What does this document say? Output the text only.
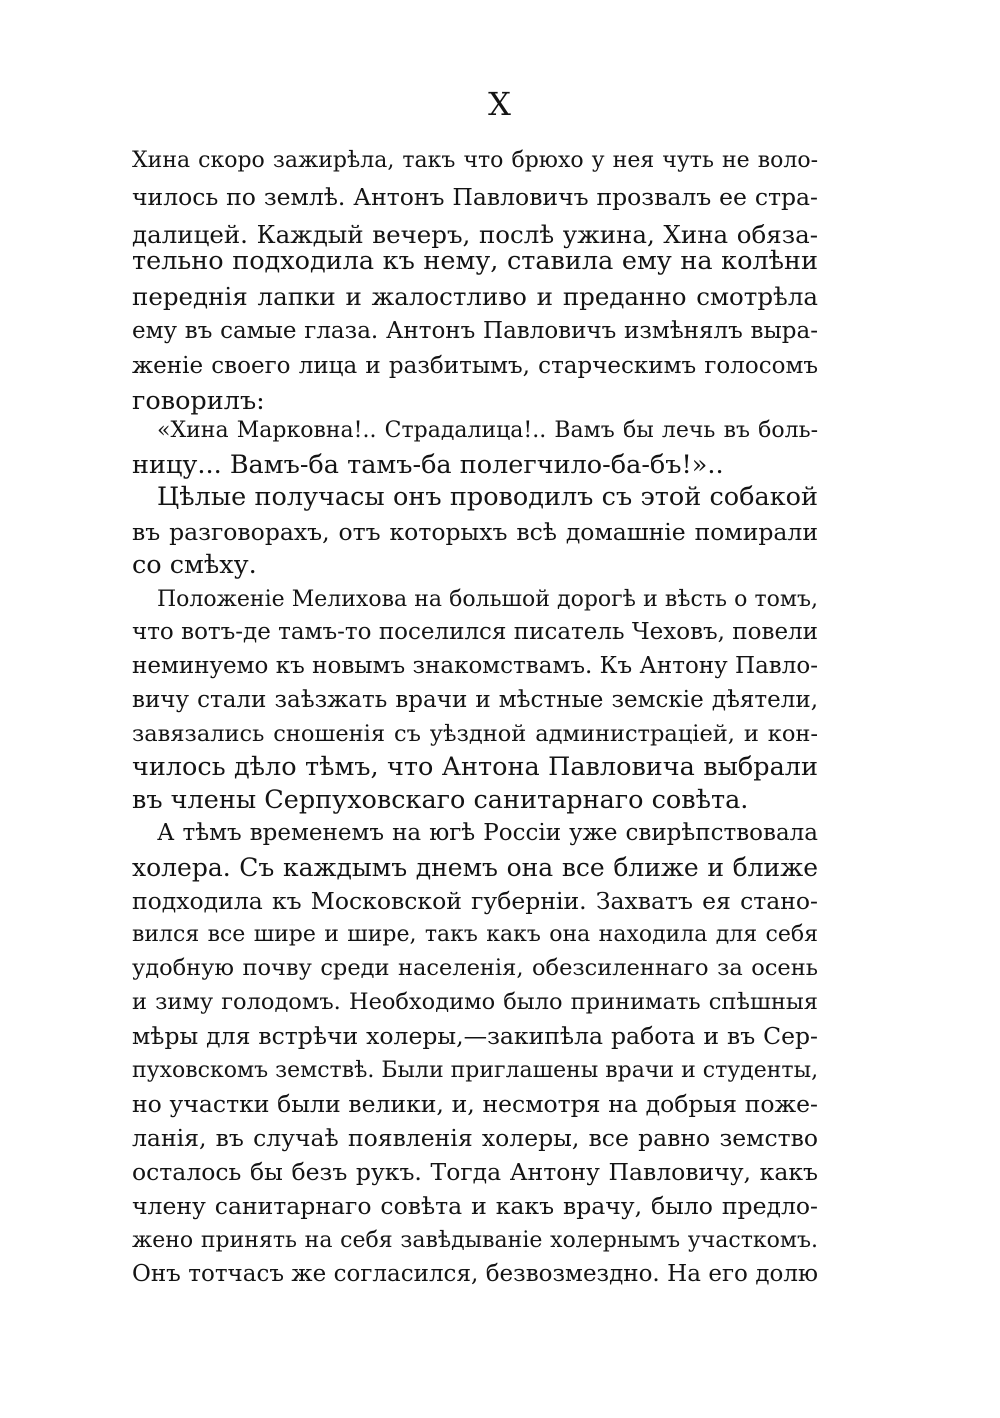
X
Хина скоро зажирѣла, такъ что брюхо у нея чуть не воло-
чилось по землѣ. Антонъ Павловичъ прозвалъ ее стра-
далицей. Каждый вечеръ, послѣ ужина, Хина обяза-
тельно подходила къ нему, ставила ему на колѣни
переднія лапки и жалостливо и преданно смотрѣла
ему въ самые глаза. Антонъ Павловичъ измѣнялъ выра-
женіе своего лица и разбитымъ, старческимъ голосомъ
говорилъ:
«Хина Марковна!.. Страдалица!.. Вамъ бы лечь въ боль-
ницу... Вамъ-ба тамъ-ба полегчило-ба-бъ!»..
Цѣлые получасы онъ проводилъ съ этой собакой
въ разговорахъ, отъ которыхъ всѣ домашніе помирали
со смѣху.
Положеніе Мелихова на большой дорогѣ и вѣсть о томъ,
что вотъ-де тамъ-то поселился писатель Чеховъ, повели
неминуемо къ новымъ знакомствамъ. Къ Антону Павло-
вичу стали заѣзжать врачи и мѣстные земскіе дѣятели,
завязались сношенія съ уѣздной администраціей, и кон-
чилось дѣло тѣмъ, что Антона Павловича выбрали
въ члены Серпуховскаго санитарнаго совѣта.
А тѣмъ временемъ на югѣ Россіи уже свирѣпствовала
холера. Съ каждымъ днемъ она все ближе и ближе
подходила къ Московской губерніи. Захватъ ея стано-
вился все шире и шире, такъ какъ она находила для себя
удобную почву среди населенія, обезсиленнаго за осень
и зиму голодомъ. Необходимо было принимать спѣшныя
мѣры для встрѣчи холеры,—закипѣла работа и въ Сер-
пуховскомъ земствѣ. Были приглашены врачи и студенты,
но участки были велики, и, несмотря на добрыя поже-
ланія, въ случаѣ появленія холеры, все равно земство
осталось бы безъ рукъ. Тогда Антону Павловичу, какъ
члену санитарнаго совѣта и какъ врачу, было предло-
жено принять на себя завѣдываніе холернымъ участкомъ.
Онъ тотчасъ же согласился, безвозмездно. На его долю
